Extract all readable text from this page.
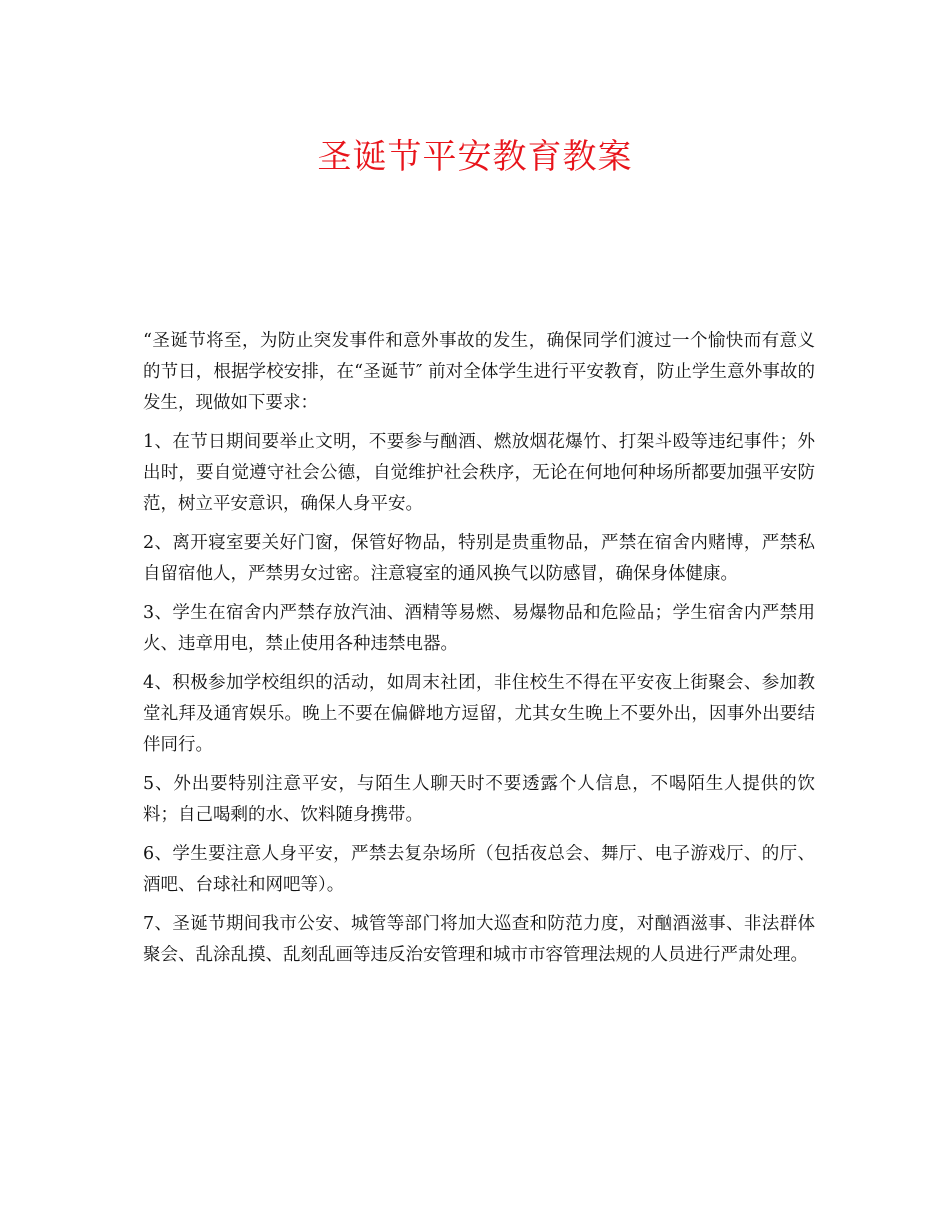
圣诞节平安教育教案

“圣诞节将至，为防止突发事件和意外事故的发生，确保同学们渡过一个愉快而有意义的节日，根据学校安排，在“圣诞节″ 前对全体学生进行平安教育，防止学生意外事故的发生，现做如下要求：

1、在节日期间要举止文明，不要参与酗酒、燃放烟花爆竹、打架斗殴等违纪事件；外出时，要自觉遵守社会公德，自觉维护社会秩序，无论在何地何种场所都要加强平安防范，树立平安意识，确保人身平安。

2、离开寝室要关好门窗，保管好物品，特别是贵重物品，严禁在宿舍内赌博，严禁私自留宿他人，严禁男女过密。注意寝室的通风换气以防感冒，确保身体健康。

3、学生在宿舍内严禁存放汽油、酒精等易燃、易爆物品和危险品；学生宿舍内严禁用火、违章用电，禁止使用各种违禁电器。

4、积极参加学校组织的活动，如周末社团，非住校生不得在平安夜上街聚会、参加教堂礼拜及通宵娱乐。晚上不要在偏僻地方逗留，尤其女生晚上不要外出，因事外出要结伴同行。

5、外出要特别注意平安，与陌生人聊天时不要透露个人信息，不喝陌生人提供的饮料；自己喝剩的水、饮料随身携带。

6、学生要注意人身平安，严禁去复杂场所（包括夜总会、舞厅、电子游戏厅、的厅、酒吧、台球社和网吧等）。

7、圣诞节期间我市公安、城管等部门将加大巡查和防范力度，对酗酒滋事、非法群体聚会、乱涂乱摸、乱刻乱画等违反治安管理和城市市容管理法规的人员进行严肃处理。
